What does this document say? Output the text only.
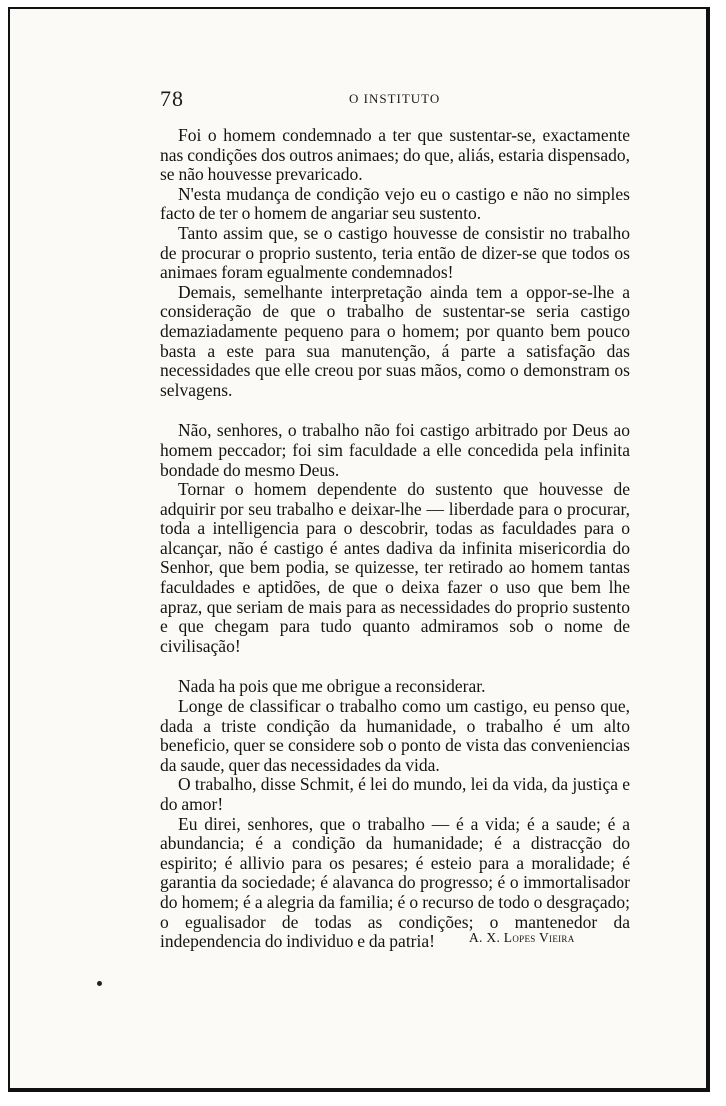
78	O INSTITUTO
Foi o homem condemnado a ter que sustentar-se, exactamente nas condições dos outros animaes; do que, aliás, estaria dispensado, se não houvesse prevaricado.
N'esta mudança de condição vejo eu o castigo e não no simples facto de ter o homem de angariar seu sustento.
Tanto assim que, se o castigo houvesse de consistir no trabalho de procurar o proprio sustento, teria então de dizer-se que todos os animaes foram egualmente condemnados!
Demais, semelhante interpretação ainda tem a oppor-se-lhe a consideração de que o trabalho de sustentar-se seria castigo demaziadamente pequeno para o homem; por quanto bem pouco basta a este para sua manutenção, á parte a satisfação das necessidades que elle creou por suas mãos, como o demonstram os selvagens.
Não, senhores, o trabalho não foi castigo arbitrado por Deus ao homem peccador; foi sim faculdade a elle concedida pela infinita bondade do mesmo Deus.
Tornar o homem dependente do sustento que houvesse de adquirir por seu trabalho e deixar-lhe — liberdade para o procurar, toda a intelligencia para o descobrir, todas as faculdades para o alcançar, não é castigo é antes dadiva da infinita misericordia do Senhor, que bem podia, se quizesse, ter retirado ao homem tantas faculdades e aptidões, de que o deixa fazer o uso que bem lhe apraz, que seriam de mais para as necessidades do proprio sustento e que chegam para tudo quanto admiramos sob o nome de civilisação!
Nada ha pois que me obrigue a reconsiderar.
Longe de classificar o trabalho como um castigo, eu penso que, dada a triste condição da humanidade, o trabalho é um alto beneficio, quer se considere sob o ponto de vista das conveniencias da saude, quer das necessidades da vida.
O trabalho, disse Schmit, é lei do mundo, lei da vida, da justiça e do amor!
Eu direi, senhores, que o trabalho — é a vida; é a saude; é a abundancia; é a condição da humanidade; é a distracção do espirito; é allivio para os pesares; é esteio para a moralidade; é garantia da sociedade; é alavanca do progresso; é o immortalisador do homem; é a alegria da familia; é o recurso de todo o desgraçado; o egualisador de todas as condições; o mantenedor da independencia do individuo e da patria!	A. X. Lopes Vieira
